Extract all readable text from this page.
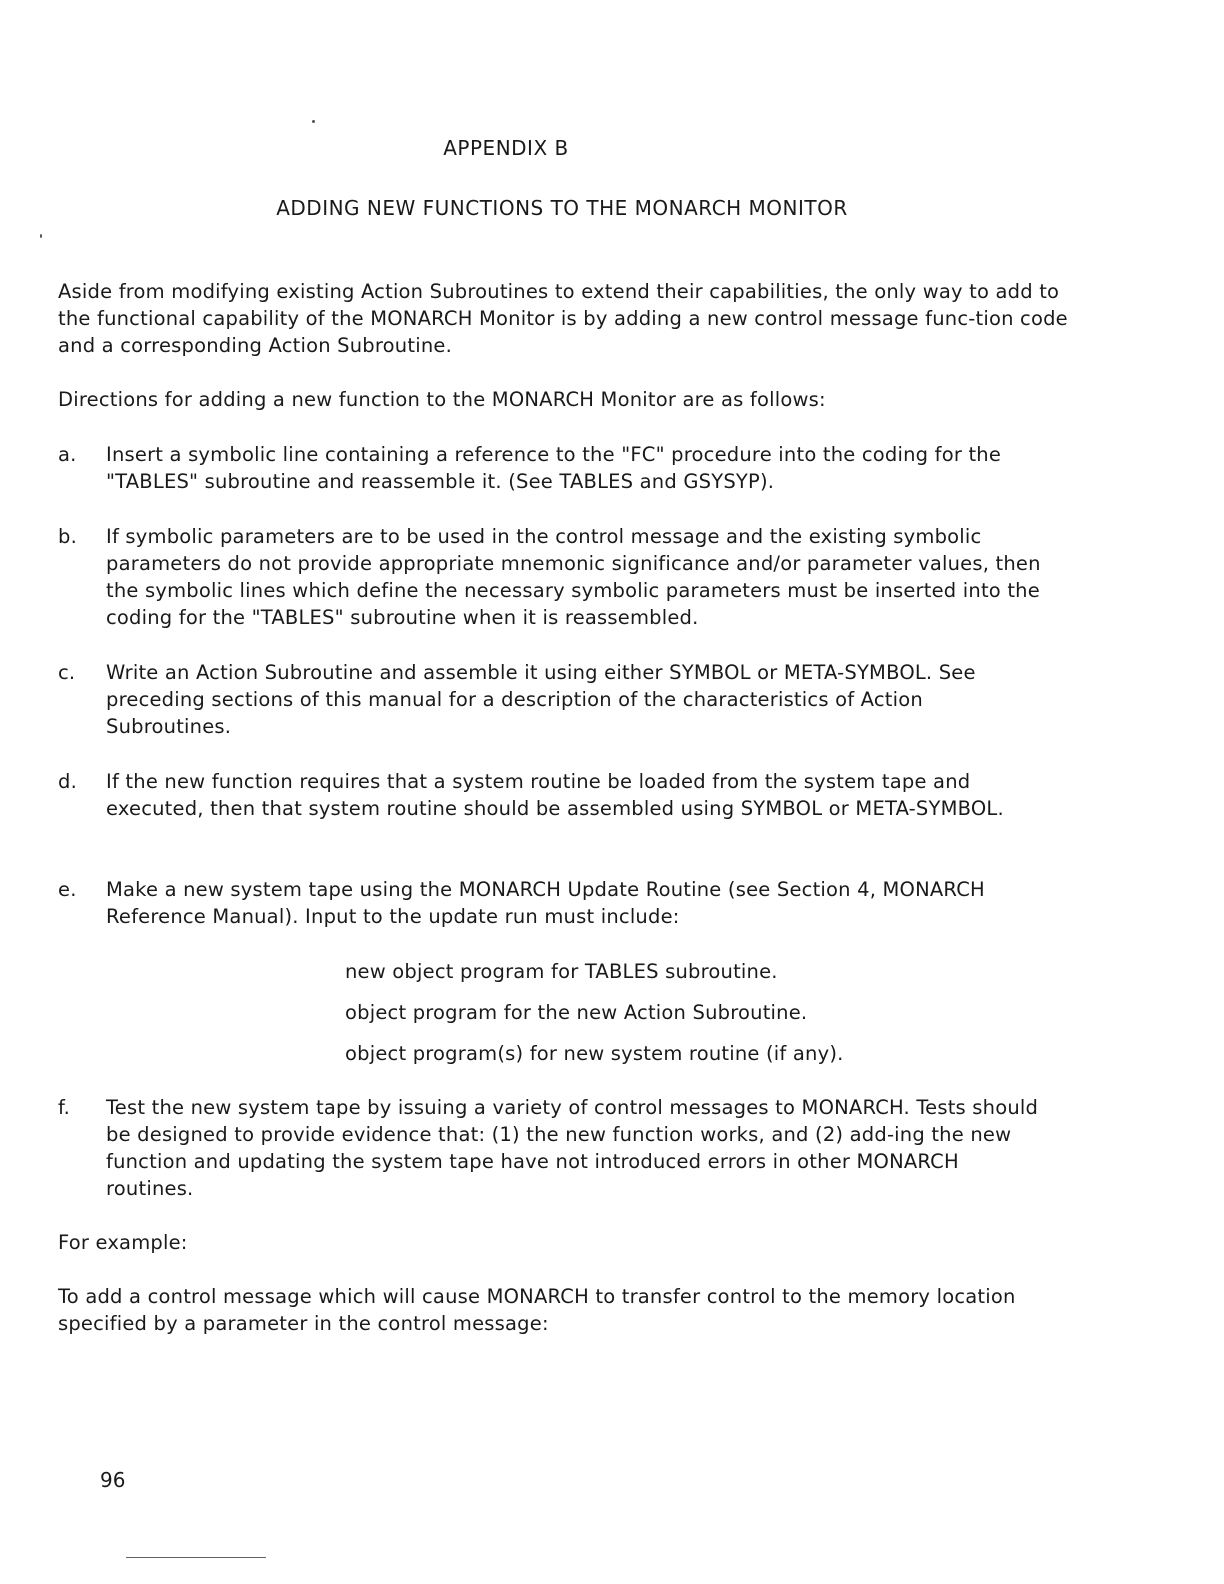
APPENDIX B
ADDING NEW FUNCTIONS TO THE MONARCH MONITOR

Aside from modifying existing Action Subroutines to extend their capabilities, the only way to add to the functional capability of the MONARCH Monitor is by adding a new control message func-tion code and a corresponding Action Subroutine.

Directions for adding a new function to the MONARCH Monitor are as follows:

a.	Insert a symbolic line containing a reference to the "FC" procedure into the coding for the "TABLES" subroutine and reassemble it. (See TABLES and GSYSYP).
b.	If symbolic parameters are to be used in the control message and the existing symbolic parameters do not provide appropriate mnemonic significance and/or parameter values, then the symbolic lines which define the necessary symbolic parameters must be inserted into the coding for the "TABLES" subroutine when it is reassembled.
c.	Write an Action Subroutine and assemble it using either SYMBOL or META-SYMBOL. See preceding sections of this manual for a description of the characteristics of Action Subroutines.
d.	If the new function requires that a system routine be loaded from the system tape and executed, then that system routine should be assembled using SYMBOL or META-SYMBOL.
e.	Make a new system tape using the MONARCH Update Routine (see Section 4, MONARCH Reference Manual). Input to the update run must include:
new object program for TABLES subroutine.
object program for the new Action Subroutine.
object program(s) for new system routine (if any).
f.	Test the new system tape by issuing a variety of control messages to MONARCH. Tests should be designed to provide evidence that: (1) the new function works, and (2) add-ing the new function and updating the system tape have not introduced errors in other MONARCH routines.

For example:

To add a control message which will cause MONARCH to transfer control to the memory location specified by a parameter in the control message:

96
